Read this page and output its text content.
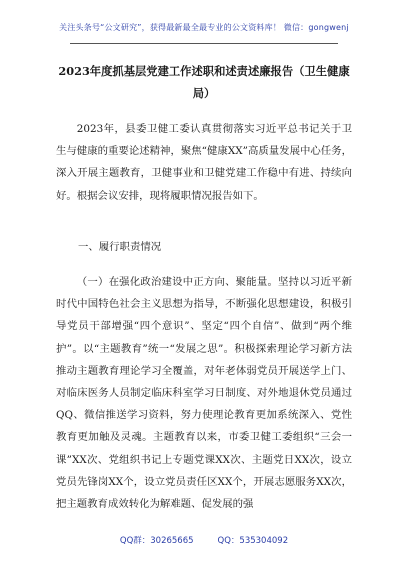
关注头条号“公文研究”，获得最新最全最专业的公文资料库！ 微信：gongwenj
2023年度抓基层党建工作述职和述责述廉报告（卫生健康局）

2023年，县委卫健工委认真贯彻落实习近平总书记关于卫生与健康的重要论述精神，聚焦“健康XX”高质量发展中心任务，深入开展主题教育，卫健事业和卫健党建工作稳中有进、持续向好。根据会议安排，现将履职情况报告如下。

一、履行职责情况

（一）在强化政治建设中正方向、聚能量。坚持以习近平新时代中国特色社会主义思想为指导，不断强化思想建设，积极引导党员干部增强“四个意识”、坚定“四个自信”、做到“两个维护”。以“主题教育”统一“发展之思”。积极探索理论学习新方法推动主题教育理论学习全覆盖，对年老体弱党员开展送学上门、对临床医务人员制定临床科室学习日制度、对外地退休党员通过QQ、微信推送学习资料，努力使理论教育更加系统深入、党性教育更加触及灵魂。主题教育以来，市委卫健工委组织“三会一课”XX次、党组织书记上专题党课XX次、主题党日XX次，设立党员先锋岗XX个，设立党员责任区XX个，开展志愿服务XX次，把主题教育成效转化为解难题、促发展的强

QQ群：30265665	QQ：535304092
